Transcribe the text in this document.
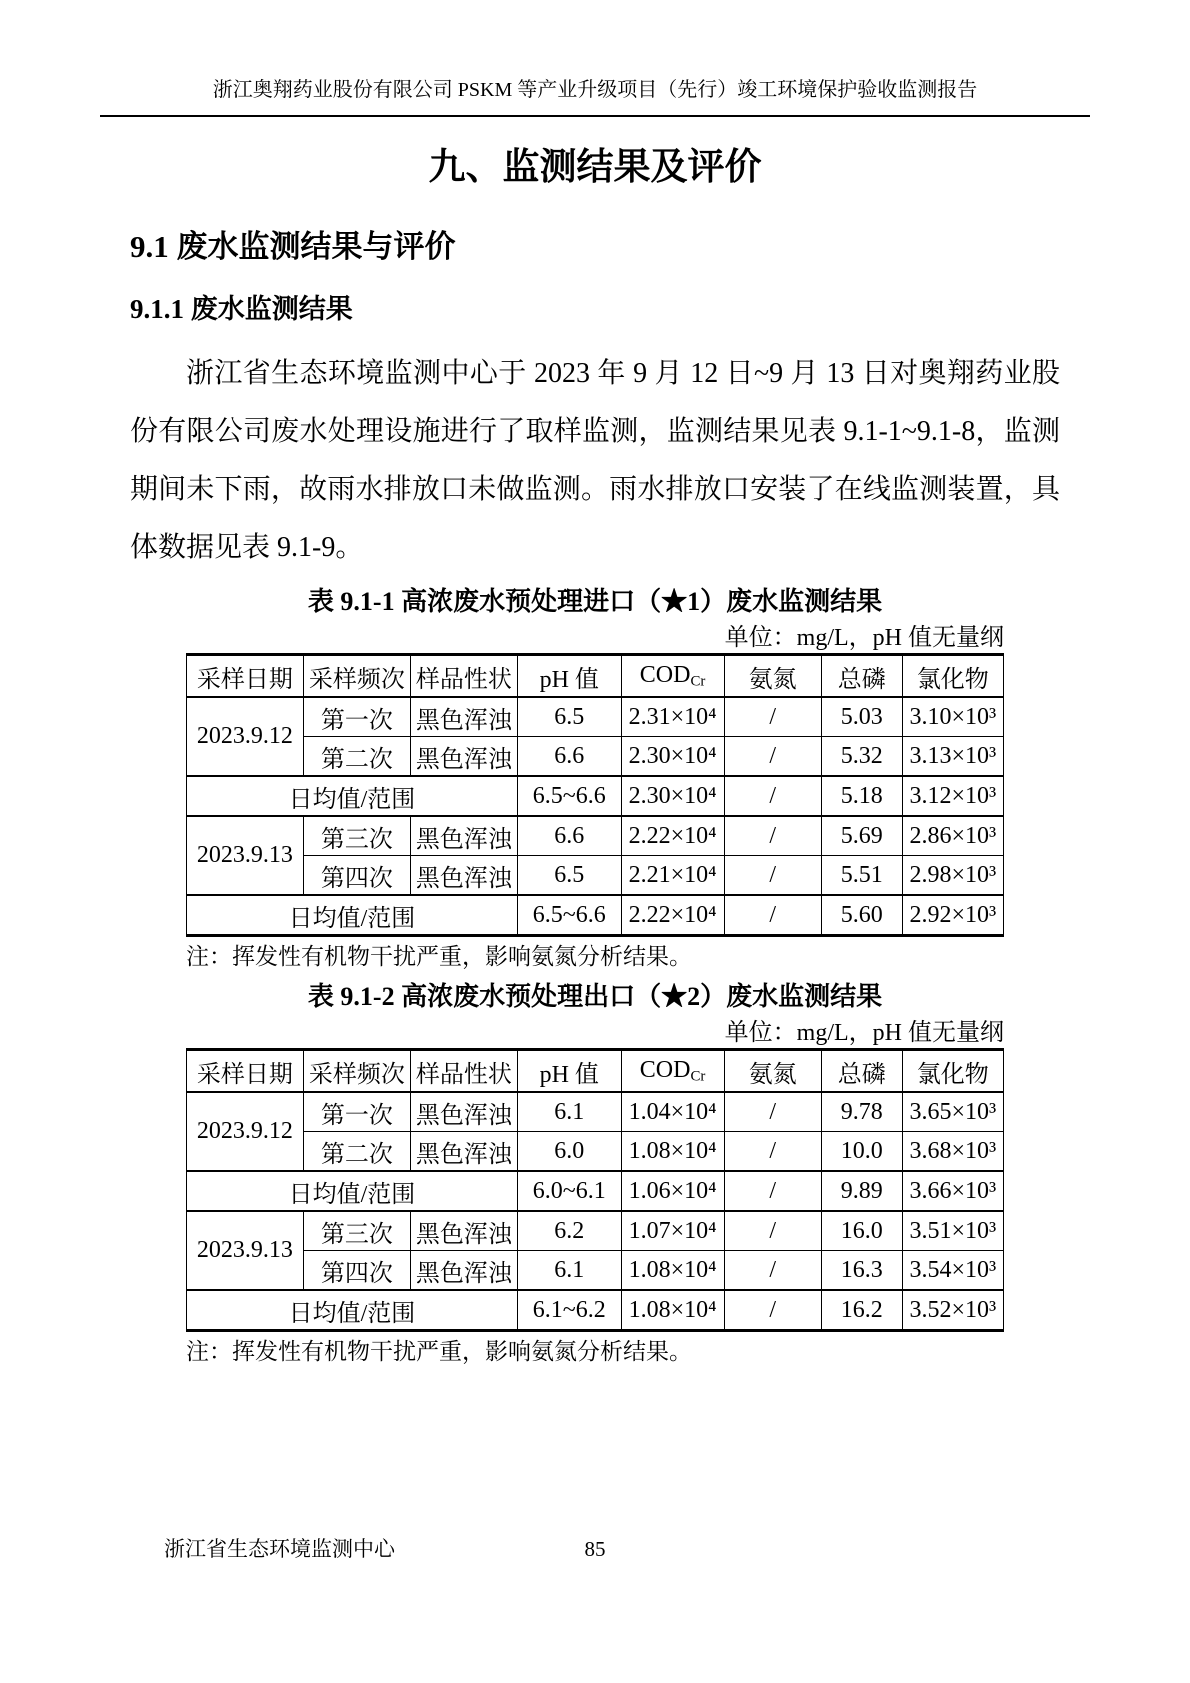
浙江奥翔药业股份有限公司 PSKM 等产业升级项目（先行）竣工环境保护验收监测报告
九、监测结果及评价
9.1 废水监测结果与评价
9.1.1 废水监测结果
浙江省生态环境监测中心于 2023 年 9 月 12 日~9 月 13 日对奥翔药业股份有限公司废水处理设施进行了取样监测，监测结果见表 9.1-1~9.1-8，监测期间未下雨，故雨水排放口未做监测。雨水排放口安装了在线监测装置，具体数据见表 9.1-9。
表 9.1-1 高浓废水预处理进口（★1）废水监测结果
单位：mg/L，pH 值无量纲
采样日期	采样频次	样品性状	pH 值	$COD_{Cr}$	氨氮	总磷	氯化物
2023.9.12	第一次	黑色浑浊	6.5	2.31×10⁴	/	5.03	3.10×10³
	第二次	黑色浑浊	6.6	2.30×10⁴	/	5.32	3.13×10³
日均值/范围			6.5~6.6	2.30×10⁴	/	5.18	3.12×10³
2023.9.13	第三次	黑色浑浊	6.6	2.22×10⁴	/	5.69	2.86×10³
	第四次	黑色浑浊	6.5	2.21×10⁴	/	5.51	2.98×10³
日均值/范围			6.5~6.6	2.22×10⁴	/	5.60	2.92×10³
注：挥发性有机物干扰严重，影响氨氮分析结果。
表 9.1-2 高浓废水预处理出口（★2）废水监测结果
单位：mg/L，pH 值无量纲
采样日期	采样频次	样品性状	pH 值	$COD_{Cr}$	氨氮	总磷	氯化物
2023.9.12	第一次	黑色浑浊	6.1	1.04×10⁴	/	9.78	3.65×10³
	第二次	黑色浑浊	6.0	1.08×10⁴	/	10.0	3.68×10³
日均值/范围			6.0~6.1	1.06×10⁴	/	9.89	3.66×10³
2023.9.13	第三次	黑色浑浊	6.2	1.07×10⁴	/	16.0	3.51×10³
	第四次	黑色浑浊	6.1	1.08×10⁴	/	16.3	3.54×10³
日均值/范围			6.1~6.2	1.08×10⁴	/	16.2	3.52×10³
注：挥发性有机物干扰严重，影响氨氮分析结果。
85
浙江省生态环境监测中心
